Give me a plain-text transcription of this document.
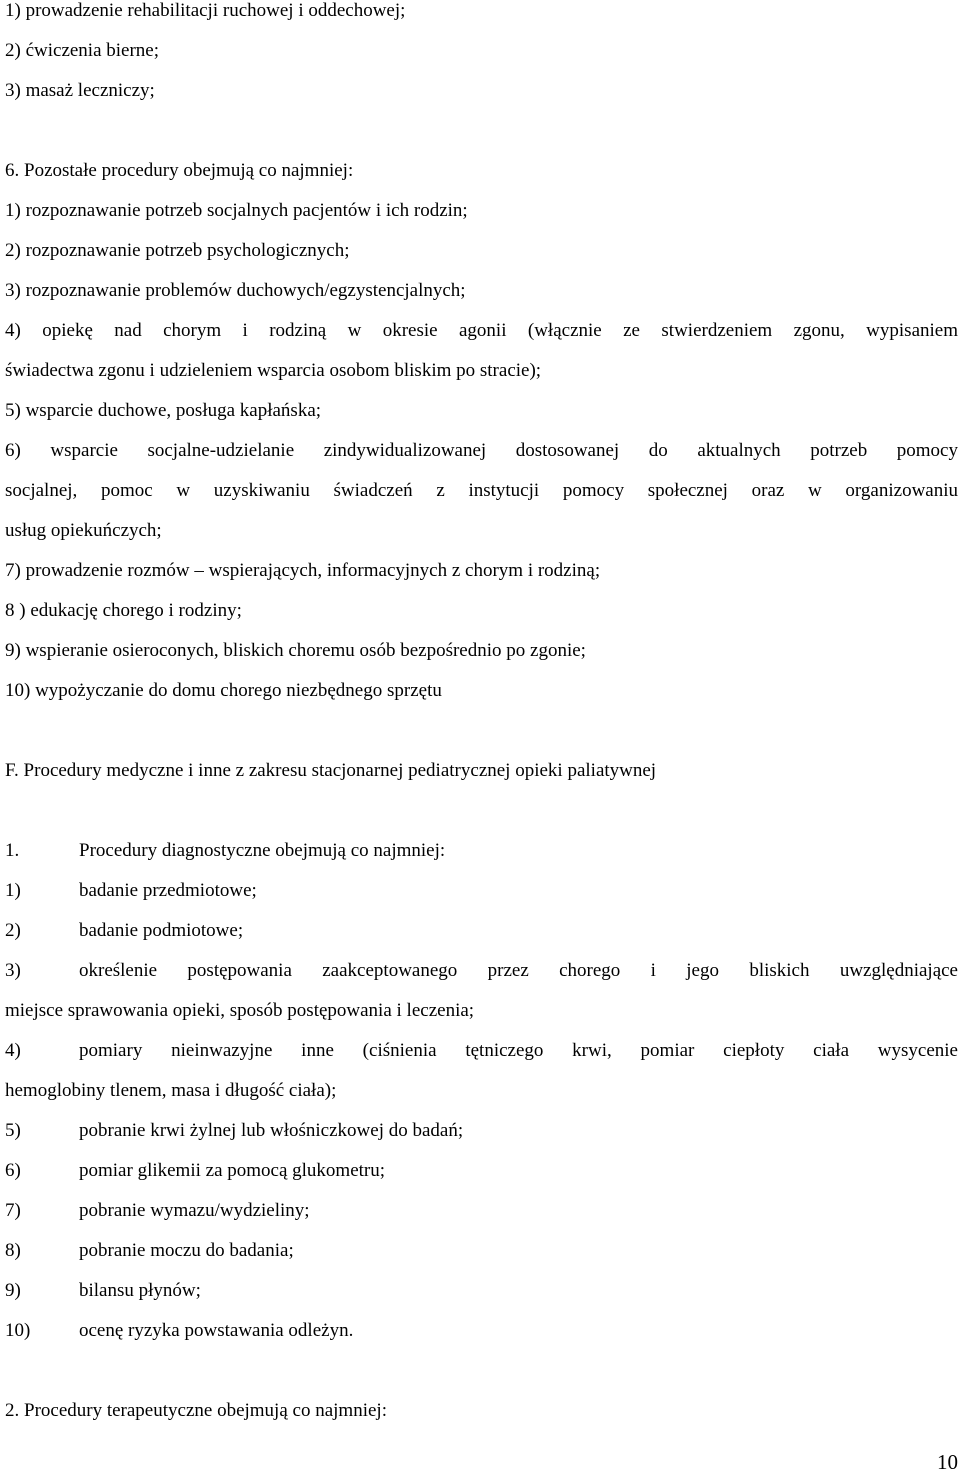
1) prowadzenie rehabilitacji ruchowej i oddechowej;
2) ćwiczenia bierne;
3) masaż leczniczy;
6. Pozostałe procedury obejmują co najmniej:
1) rozpoznawanie potrzeb socjalnych pacjentów i ich rodzin;
2) rozpoznawanie potrzeb psychologicznych;
3) rozpoznawanie problemów duchowych/egzystencjalnych;
4) opiekę nad chorym i rodziną w okresie agonii (włącznie ze stwierdzeniem zgonu, wypisaniem
świadectwa zgonu i udzieleniem wsparcia osobom bliskim po stracie);
5) wsparcie duchowe, posługa kapłańska;
6) wsparcie socjalne-udzielanie zindywidualizowanej dostosowanej do aktualnych potrzeb pomocy
socjalnej, pomoc w uzyskiwaniu świadczeń z instytucji pomocy społecznej oraz w organizowaniu
usług opiekuńczych;
7) prowadzenie rozmów – wspierających, informacyjnych z chorym i rodziną;
8 ) edukację chorego i rodziny;
9) wspieranie osieroconych, bliskich choremu osób bezpośrednio po zgonie;
10) wypożyczanie do domu chorego niezbędnego sprzętu
F. Procedury medyczne i inne z zakresu stacjonarnej pediatrycznej opieki paliatywnej
1.	Procedury diagnostyczne obejmują co najmniej:
1)	badanie przedmiotowe;
2)	badanie podmiotowe;
3)	określenie postępowania zaakceptowanego przez chorego i jego bliskich uwzględniające
miejsce sprawowania opieki, sposób postępowania i leczenia;
4)	pomiary nieinwazyjne inne (ciśnienia tętniczego krwi, pomiar ciepłoty ciała wysycenie
hemoglobiny tlenem, masa i długość ciała);
5)	pobranie krwi żylnej lub włośniczkowej do badań;
6)	pomiar glikemii za pomocą glukometru;
7)	pobranie wymazu/wydzieliny;
8)	pobranie moczu do badania;
9)	bilansu płynów;
10)	ocenę ryzyka powstawania odleżyn.
2. Procedury terapeutyczne obejmują co najmniej:
10
